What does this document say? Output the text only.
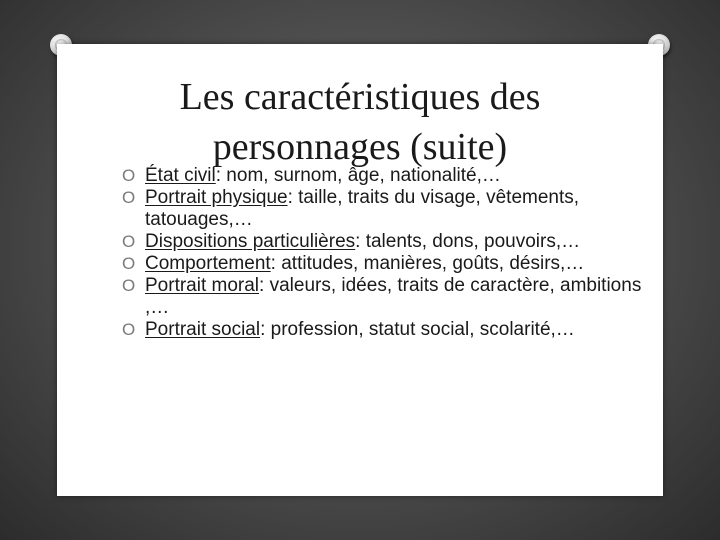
Les caractéristiques des
personnages (suite)
O État civil: nom, surnom, âge, nationalité,…
O Portrait physique: taille, traits du visage, vêtements, tatouages,…
O Dispositions particulières: talents, dons, pouvoirs,…
O Comportement: attitudes, manières, goûts, désirs,…
O Portrait moral: valeurs, idées, traits de caractère, ambitions ,…
O Portrait social: profession, statut social, scolarité,…
